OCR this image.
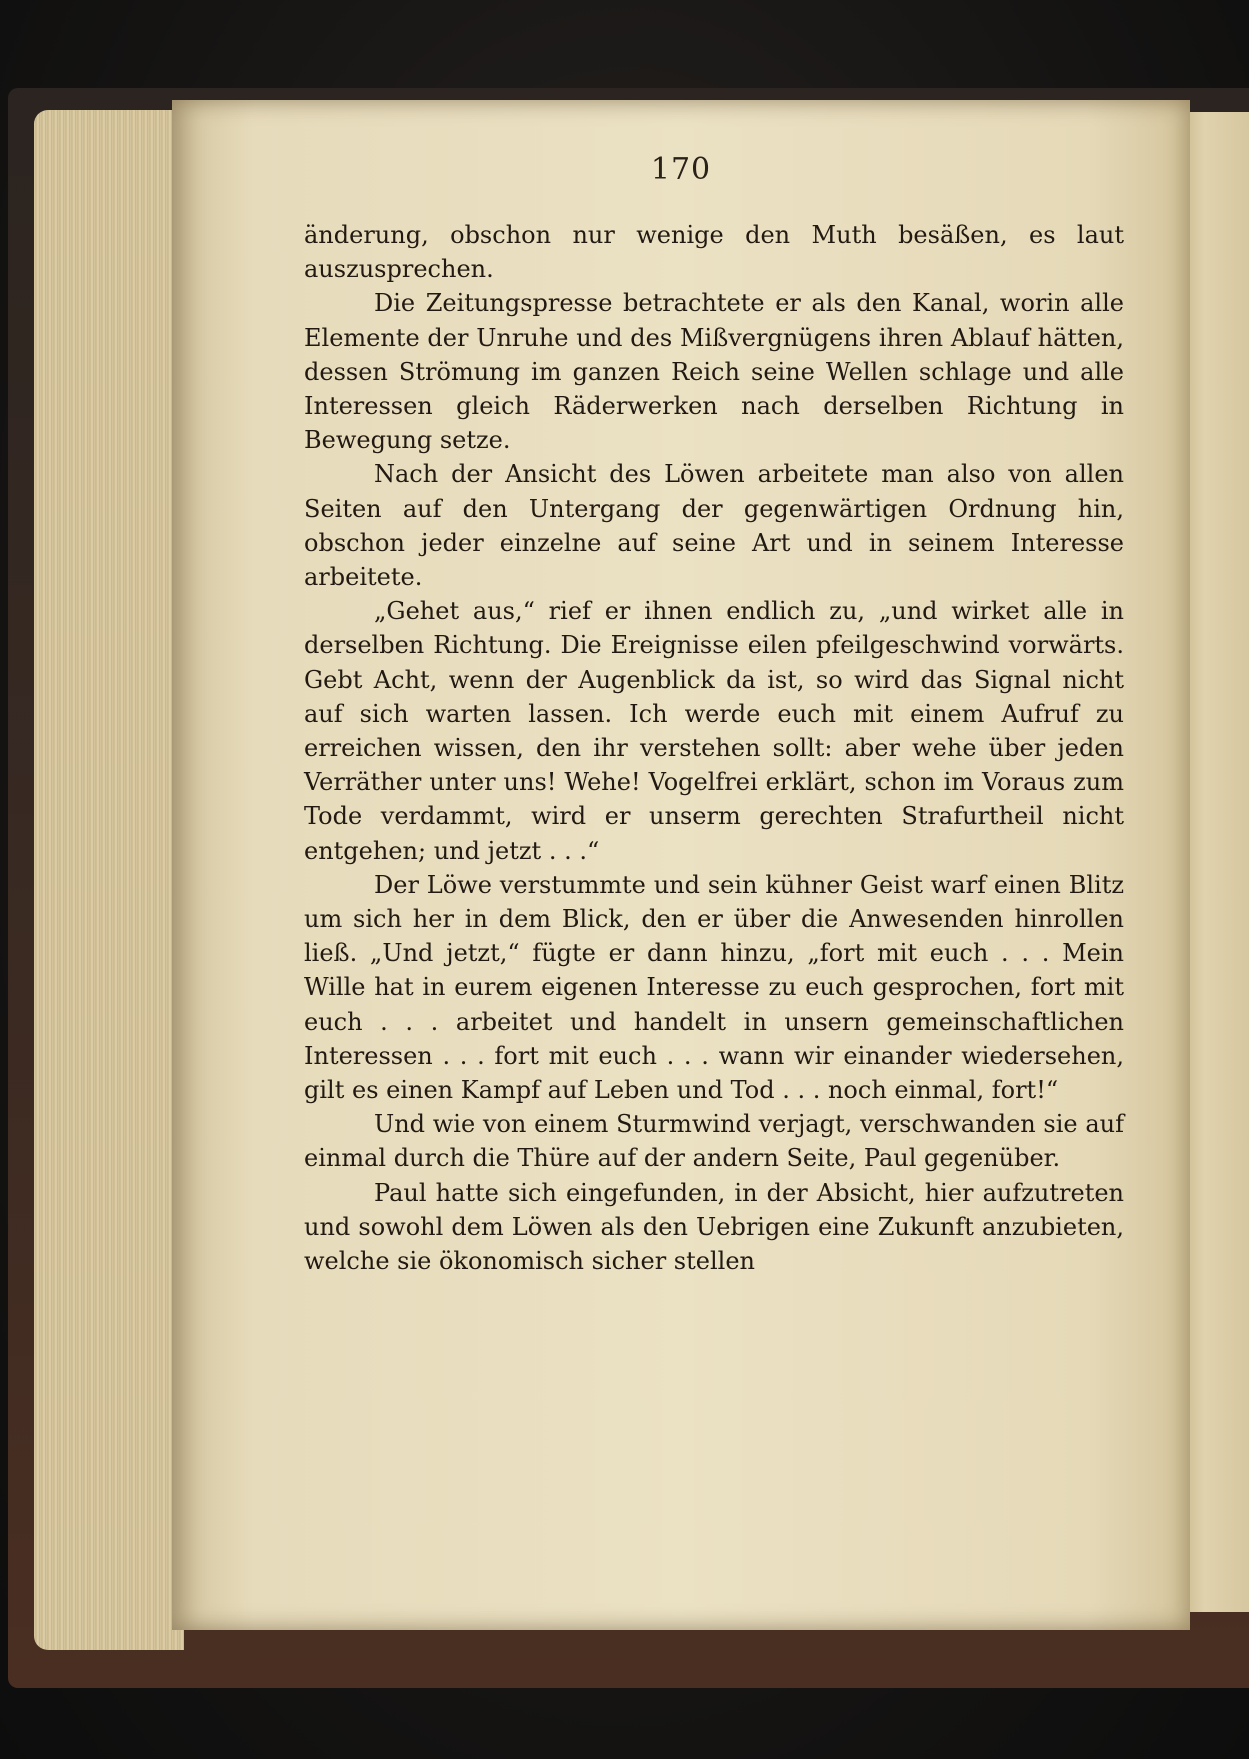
170

änderung, obschon nur wenige den Muth besäßen, es laut auszusprechen.

Die Zeitungspresse betrachtete er als den Kanal, worin alle Elemente der Unruhe und des Mißvergnügens ihren Ablauf hätten, dessen Strömung im ganzen Reich seine Wellen schlage und alle Interessen gleich Räderwerken nach derselben Richtung in Bewegung setze.

Nach der Ansicht des Löwen arbeitete man also von allen Seiten auf den Untergang der gegenwärtigen Ordnung hin, obschon jeder einzelne auf seine Art und in seinem Interesse arbeitete.

„Gehet aus,“ rief er ihnen endlich zu, „und wirket alle in derselben Richtung. Die Ereignisse eilen pfeilgeschwind vorwärts. Gebt Acht, wenn der Augenblick da ist, so wird das Signal nicht auf sich warten lassen. Ich werde euch mit einem Aufruf zu erreichen wissen, den ihr verstehen sollt: aber wehe über jeden Verräther unter uns! Wehe! Vogelfrei erklärt, schon im Voraus zum Tode verdammt, wird er unserm gerechten Strafurtheil nicht entgehen; und jetzt . . .“

Der Löwe verstummte und sein kühner Geist warf einen Blitz um sich her in dem Blick, den er über die Anwesenden hinrollen ließ. „Und jetzt,“ fügte er dann hinzu, „fort mit euch . . . Mein Wille hat in eurem eigenen Interesse zu euch gesprochen, fort mit euch . . . arbeitet und handelt in unsern gemeinschaftlichen Interessen . . . fort mit euch . . . wann wir einander wiedersehen, gilt es einen Kampf auf Leben und Tod . . . noch einmal, fort!“

Und wie von einem Sturmwind verjagt, verschwanden sie auf einmal durch die Thüre auf der andern Seite, Paul gegenüber.

Paul hatte sich eingefunden, in der Absicht, hier aufzutreten und sowohl dem Löwen als den Uebrigen eine Zukunft anzubieten, welche sie ökonomisch sicher stellen
